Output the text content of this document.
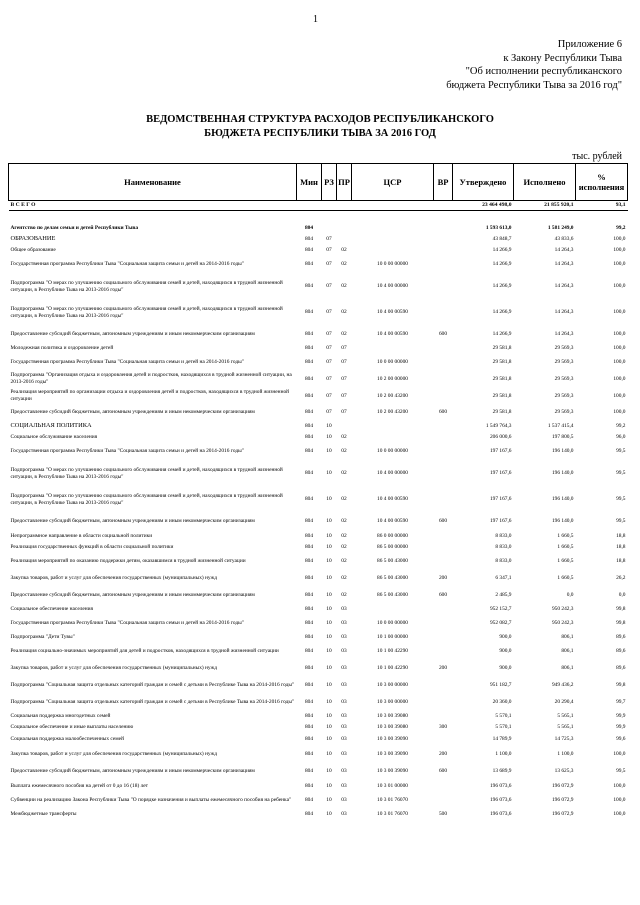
1
Приложение 6
к Закону Республики Тыва
"Об исполнении республиканского
бюджета Республики Тыва за 2016 год"
ВЕДОМСТВЕННАЯ СТРУКТУРА РАСХОДОВ РЕСПУБЛИКАНСКОГО
БЮДЖЕТА РЕСПУБЛИКИ ТЫВА ЗА 2016 ГОД
тыс. рублей
Наименование	Мин	РЗ	ПР	ЦСР	ВР	Утверждено	Исполнено	% исполнения
В С Е Г О						23 464 498,0	21 855 920,1	93,1

Агентство по делам семьи и детей Республики Тыва	804					1 593 613,0	1 581 249,0	99,2
ОБРАЗОВАНИЕ	804	07				43 848,7	43 833,6	100,0
Общее образование	804	07	02			14 266,9	14 264,3	100,0
Государственная программа Республики Тыва "Социальная защита семьи и детей на 2014-2016 годы"	804	07	02	10 0 00 00000		14 266,9	14 264,3	100,0
Подпрограмма "О мерах по улучшению социального обслуживания семей и детей, находящихся в трудной жизненной ситуации, в Республике Тыва на 2013-2016 годы"	804	07	02	10 4 00 00000		14 266,9	14 264,3	100,0
Подпрограмма "О мерах по улучшению социального обслуживания семей и детей, находящихся в трудной жизненной ситуации, в Республике Тыва на 2013-2016 годы"	804	07	02	10 4 00 00590		14 266,9	14 264,3	100,0
Предоставление субсидий бюджетным, автономным учреждениям и иным некоммерческим организациям	804	07	02	10 4 00 00590	600	14 266,9	14 264,3	100,0
Молодежная политика и оздоровление детей	804	07	07			29 581,8	29 569,3	100,0
Государственная программа Республики Тыва "Социальная защита семьи и детей на 2014-2016 годы"	804	07	07	10 0 00 00000		29 581,8	29 569,3	100,0
Подпрограмма "Организация отдыха и оздоровления детей и подростков, находящихся в трудной жизненной ситуации, на 2013-2016 годы"	804	07	07	10 2 00 00000		29 581,8	29 569,3	100,0
Реализация мероприятий по организации отдыха и оздоровления детей и подростков, находящихся в трудной жизненной ситуации	804	07	07	10 2 00 43200		29 581,8	29 569,3	100,0
Предоставление субсидий бюджетным, автономным учреждениям и иным некоммерческим организациям	804	07	07	10 2 00 43200	600	29 581,8	29 569,3	100,0
СОЦИАЛЬНАЯ ПОЛИТИКА	804	10				1 549 764,3	1 537 415,4	99,2
Социальное обслуживание населения	804	10	02			206 000,6	197 800,5	96,0
Государственная программа Республики Тыва "Социальная защита семьи и детей на 2014-2016 годы"	804	10	02	10 0 00 00000		197 167,6	196 140,0	99,5
Подпрограмма "О мерах по улучшению социального обслуживания семей и детей, находящихся в трудной жизненной ситуации, в Республике Тыва на 2013-2016 годы"	804	10	02	10 4 00 00000		197 167,6	196 140,0	99,5
Подпрограмма "О мерах по улучшению социального обслуживания семей и детей, находящихся в трудной жизненной ситуации, в Республике Тыва на 2013-2016 годы"	804	10	02	10 4 00 00590		197 167,6	196 140,0	99,5
Предоставление субсидий бюджетным, автономным учреждениям и иным некоммерческим организациям	804	10	02	10 4 00 00590	600	197 167,6	196 140,0	99,5
Непрограммное направление в области социальной политики	804	10	02	86 0 00 00000		8 833,0	1 660,5	18,8
Реализация государственных функций в области социальной политики	804	10	02	86 5 00 00000		8 833,0	1 660,5	18,8
Реализация мероприятий по оказанию поддержки детям, оказавшимся в трудной жизненной ситуации	804	10	02	86 5 00 43000		8 833,0	1 660,5	18,8
Закупка товаров, работ и услуг для обеспечения государственных (муниципальных) нужд	804	10	02	86 5 00 43000	200	6 347,1	1 660,5	26,2
Предоставление субсидий бюджетным, автономным учреждениям и иным некоммерческим организациям	804	10	02	86 5 00 43000	600	2 485,9	0,0	0,0
Социальное обеспечение населения	804	10	03			952 152,7	950 242,3	99,8
Государственная программа Республики Тыва "Социальная защита семьи и детей на 2014-2016 годы"	804	10	03	10 0 00 00000		952 082,7	950 242,3	99,8
Подпрограмма "Дети Тувы"	804	10	03	10 1 00 00000		900,0	806,1	89,6
Реализация социально-значимых мероприятий для детей и подростков, находящихся в трудной жизненной ситуации	804	10	03	10 1 00 42290		900,0	806,1	89,6
Закупка товаров, работ и услуг для обеспечения государственных (муниципальных) нужд	804	10	03	10 1 00 42290	200	900,0	806,1	89,6
Подпрограмма "Социальная защита отдельных категорий граждан и семей с детьми в Республике Тыва на 2014-2016 годы"	804	10	03	10 3 00 00000		951 182,7	949 436,2	99,8
Подпрограмма "Социальная защита отдельных категорий граждан и семей с детьми в Республике Тыва на 2014-2016 годы"	804	10	03	10 3 00 00000		20 360,0	20 290,4	99,7
Социальная поддержка многодетных семей	804	10	03	10 3 00 39080		5 570,1	5 565,1	99,9
Социальное обеспечение и иные выплаты населению	804	10	03	10 3 00 39080	300	5 570,1	5 565,1	99,9
Социальная поддержка малообеспеченных семей	804	10	03	10 3 00 39090		14 789,9	14 725,3	99,6
Закупка товаров, работ и услуг для обеспечения государственных (муниципальных) нужд	804	10	03	10 3 00 39090	200	1 100,0	1 100,0	100,0
Предоставление субсидий бюджетным, автономным учреждениям и иным некоммерческим организациям	804	10	03	10 3 00 39090	600	13 689,9	13 625,3	99,5
Выплата ежемесячного пособия на детей от 0 до 16 (18) лет	804	10	03	10 3 01 00000		196 073,6	196 072,9	100,0
Субвенции на реализацию Закона Республики Тыва "О порядке назначения и выплаты ежемесячного пособия на ребенка"	804	10	03	10 3 01 76070		196 073,6	196 072,9	100,0
Межбюджетные трансферты	804	10	03	10 3 01 76070	500	196 073,6	196 072,9	100,0
